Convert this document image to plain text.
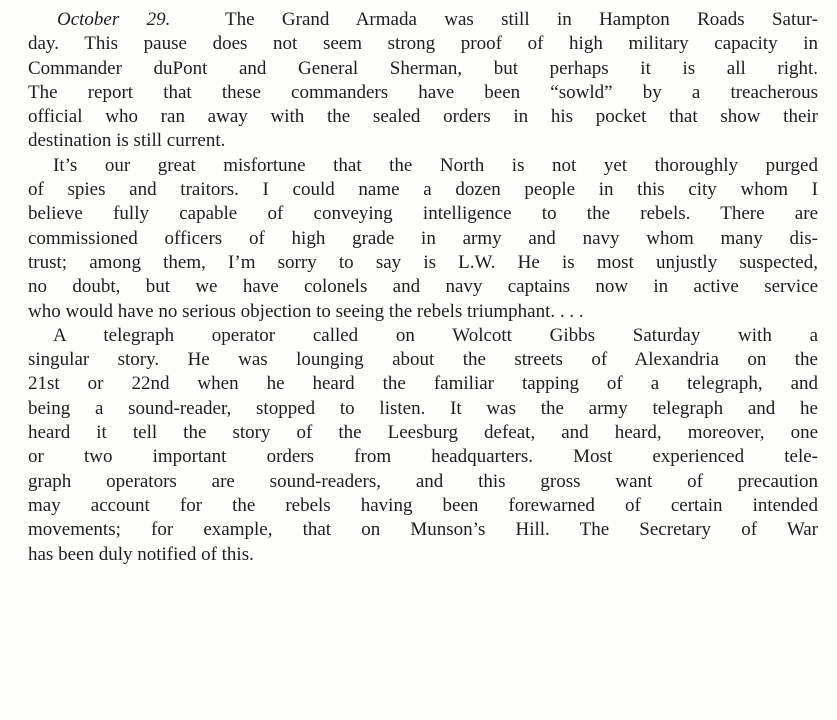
October 29.	The Grand Armada was still in Hampton Roads Satur-
day. This pause does not seem strong proof of high military capacity in
Commander duPont and General Sherman, but perhaps it is all right.
The report that these commanders have been “sowld” by a treacherous
official who ran away with the sealed orders in his pocket that show their
destination is still current.
It’s our great misfortune that the North is not yet thoroughly purged
of spies and traitors. I could name a dozen people in this city whom I
believe fully capable of conveying intelligence to the rebels. There are
commissioned officers of high grade in army and navy whom many dis-
trust; among them, I’m sorry to say is L.W. He is most unjustly suspected,
no doubt, but we have colonels and navy captains now in active service
who would have no serious objection to seeing the rebels triumphant. . . .
A telegraph operator called on Wolcott Gibbs Saturday with a
singular story. He was lounging about the streets of Alexandria on the
21st or 22nd when he heard the familiar tapping of a telegraph, and
being a sound-reader, stopped to listen. It was the army telegraph and he
heard it tell the story of the Leesburg defeat, and heard, moreover, one
or two important orders from headquarters. Most experienced tele-
graph operators are sound-readers, and this gross want of precaution
may account for the rebels having been forewarned of certain intended
movements; for example, that on Munson’s Hill. The Secretary of War
has been duly notified of this.
